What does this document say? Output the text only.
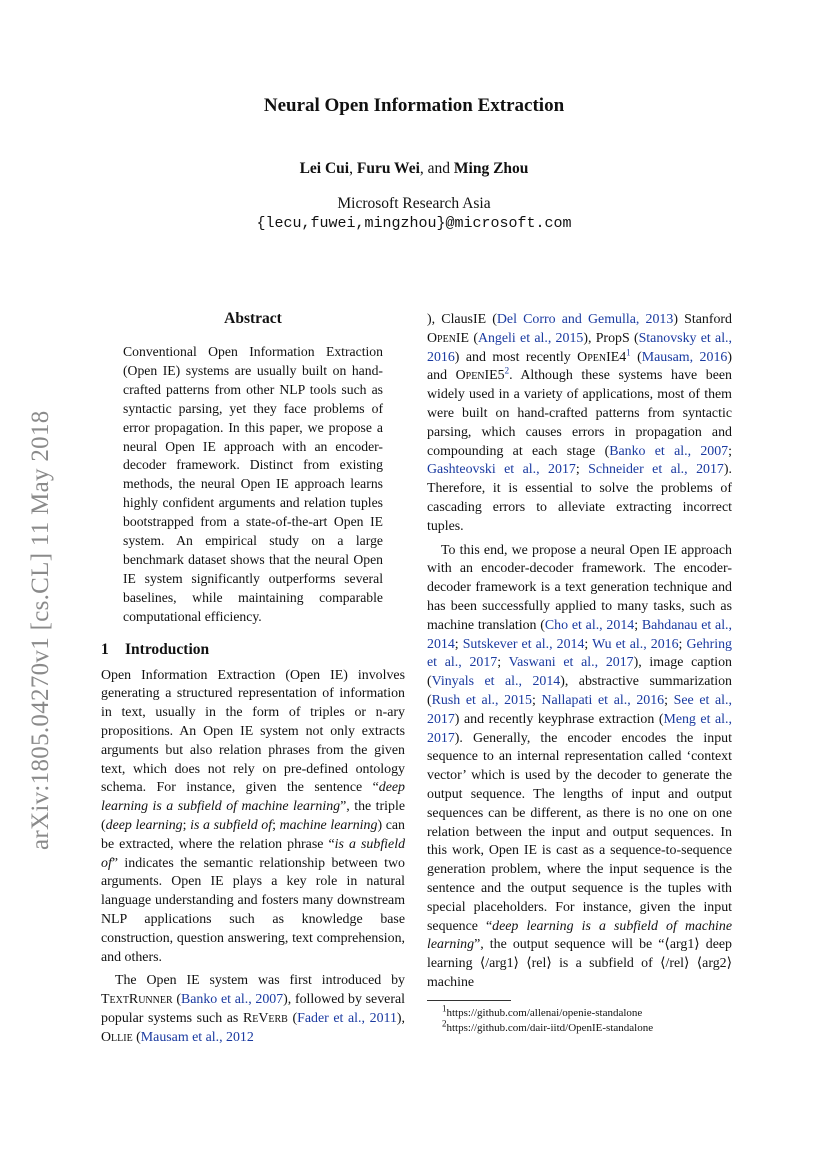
Neural Open Information Extraction
Lei Cui, Furu Wei, and Ming Zhou
Microsoft Research Asia
{lecu,fuwei,mingzhou}@microsoft.com
arXiv:1805.04270v1 [cs.CL] 11 May 2018
Abstract
Conventional Open Information Extraction (Open IE) systems are usually built on hand-crafted patterns from other NLP tools such as syntactic parsing, yet they face problems of error propagation. In this paper, we propose a neural Open IE approach with an encoder-decoder framework. Distinct from existing methods, the neural Open IE approach learns highly confident arguments and relation tuples bootstrapped from a state-of-the-art Open IE system. An empirical study on a large benchmark dataset shows that the neural Open IE system significantly outperforms several baselines, while maintaining comparable computational efficiency.
1 Introduction

Open Information Extraction (Open IE) involves generating a structured representation of information in text, usually in the form of triples or n-ary propositions. An Open IE system not only extracts arguments but also relation phrases from the given text, which does not rely on pre-defined ontology schema. For instance, given the sentence “deep learning is a subfield of machine learning”, the triple (deep learning; is a subfield of; machine learning) can be extracted, where the relation phrase “is a subfield of” indicates the semantic relationship between two arguments. Open IE plays a key role in natural language understanding and fosters many downstream NLP applications such as knowledge base construction, question answering, text comprehension, and others.

The Open IE system was first introduced by TextRunner (Banko et al., 2007), followed by several popular systems such as ReVerb (Fader et al., 2011), Ollie (Mausam et al., 2012

), ClausIE (Del Corro and Gemulla, 2013) Stanford OpenIE (Angeli et al., 2015), PropS (Stanovsky et al., 2016) and most recently OpenIE4$^1$ (Mausam, 2016) and OpenIE5$^2$. Although these systems have been widely used in a variety of applications, most of them were built on hand-crafted patterns from syntactic parsing, which causes errors in propagation and compounding at each stage (Banko et al., 2007; Gashteovski et al., 2017; Schneider et al., 2017). Therefore, it is essential to solve the problems of cascading errors to alleviate extracting incorrect tuples.

To this end, we propose a neural Open IE approach with an encoder-decoder framework. The encoder-decoder framework is a text generation technique and has been successfully applied to many tasks, such as machine translation (Cho et al., 2014; Bahdanau et al., 2014; Sutskever et al., 2014; Wu et al., 2016; Gehring et al., 2017; Vaswani et al., 2017), image caption (Vinyals et al., 2014), abstractive summarization (Rush et al., 2015; Nallapati et al., 2016; See et al., 2017) and recently keyphrase extraction (Meng et al., 2017). Generally, the encoder encodes the input sequence to an internal representation called ‘context vector’ which is used by the decoder to generate the output sequence. The lengths of input and output sequences can be different, as there is no one on one relation between the input and output sequences. In this work, Open IE is cast as a sequence-to-sequence generation problem, where the input sequence is the sentence and the output sequence is the tuples with special placeholders. For instance, given the input sequence “deep learning is a subfield of machine learning”, the output sequence will be “⟨arg1⟩ deep learning ⟨/arg1⟩ ⟨rel⟩ is a subfield of ⟨/rel⟩ ⟨arg2⟩ machine

$^1$https://github.com/allenai/openie-standalone
$^2$https://github.com/dair-iitd/OpenIE-standalone
